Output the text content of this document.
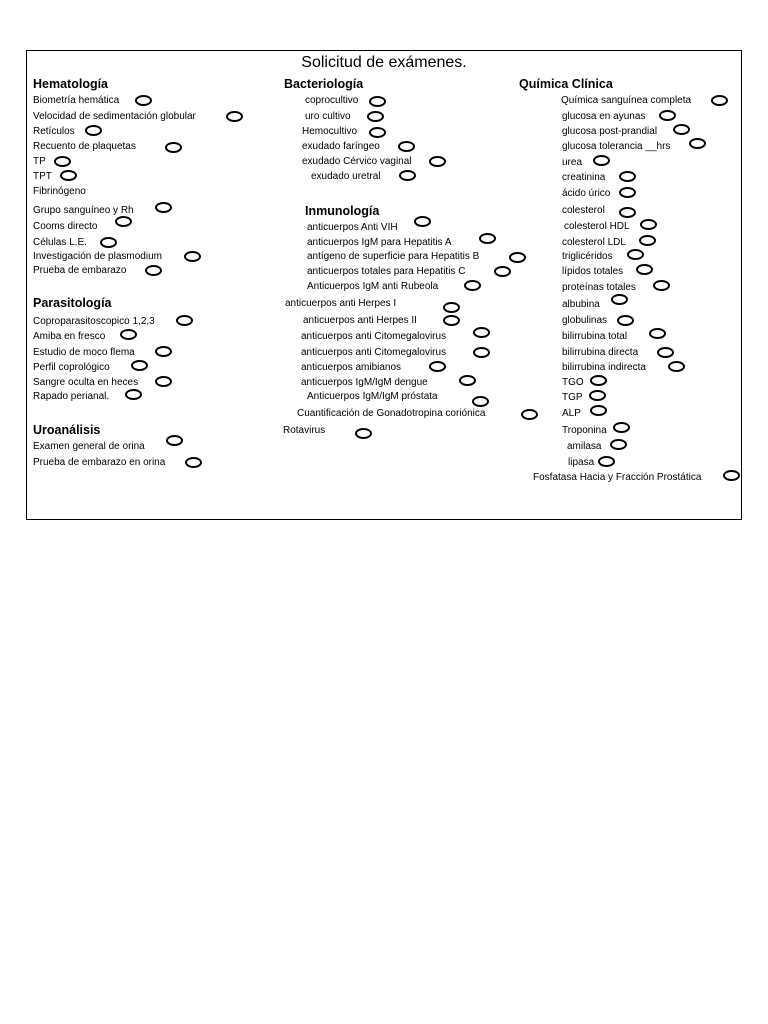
Solicitud de exámenes.
Hematología
Biometría hemática
Velocidad de sedimentación globular
Retículos
Recuento de plaquetas
TP
TPT
Fibrinógeno
Grupo sanguíneo y Rh
Cooms directo
Células L.E.
Investigación de plasmodium
Prueba de embarazo
Parasitología
Coproparasitoscopico 1,2,3
Amiba en fresco
Estudio de moco flema
Perfil coprológico
Sangre oculta en heces
Rapado perianal.
Uroanálisis
Examen general de orina
Prueba de embarazo en orina
Bacteriología
coprocultivo
uro cultivo
Hemocultivo
exudado faríngeo
exudado Cérvico vaginal
exudado uretral
Inmunología
anticuerpos Anti VIH
anticuerpos IgM para Hepatitis A
antígeno de superficie para Hepatitis B
anticuerpos totales para Hepatitis C
Anticuerpos IgM anti Rubeola
anticuerpos anti Herpes I
anticuerpos anti Herpes II
anticuerpos anti Citomegalovirus
anticuerpos anti Citomegalovirus
anticuerpos amibianos
anticuerpos IgM/IgM dengue
Anticuerpos IgM/IgM próstata
Cuantificación de Gonadotropina coriónica
Rotavirus
Química Clínica
Química sanguínea completa
glucosa en ayunas
glucosa post-prandial
glucosa tolerancia __hrs
urea
creatinina
ácido úrico
colesterol
colesterol HDL
colesterol LDL
triglicéridos
lípidos totales
proteínas totales
albubina
globulinas
bilirrubina total
bilirrubina directa
bilirrubina indirecta
TGO
TGP
ALP
Troponina
amilasa
lipasa
Fosfatasa Hacia y Fracción Prostática
